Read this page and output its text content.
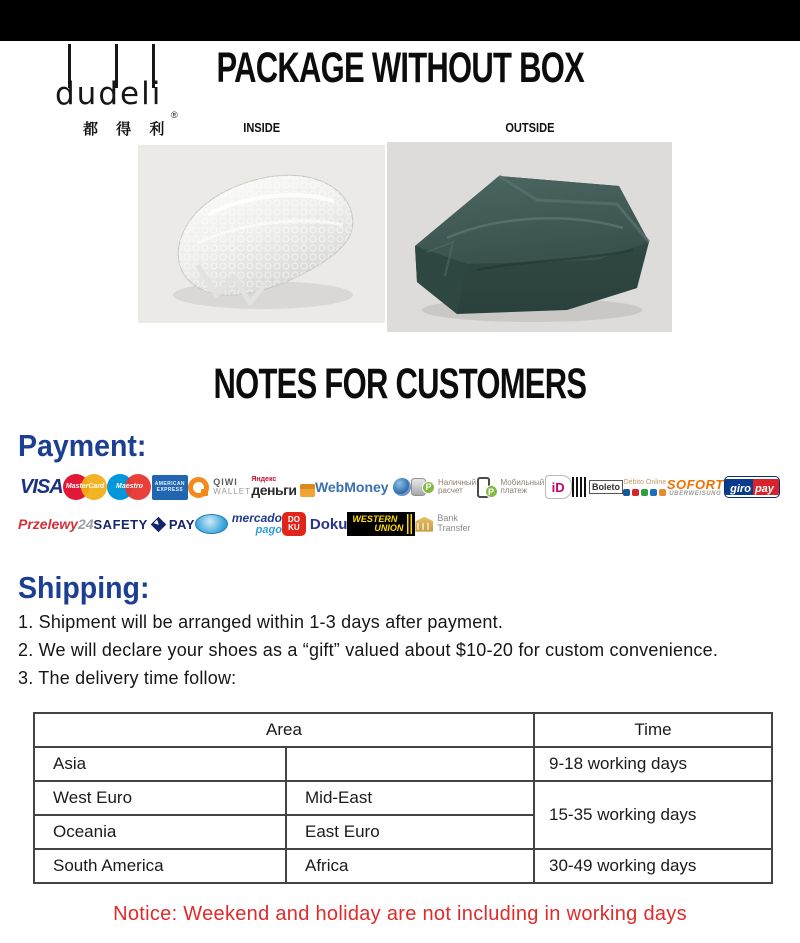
dudeli
®
都 得 利
PACKAGE WITHOUT BOX
INSIDE	OUTSIDE
NOTES FOR CUSTOMERS
Payment:
VISA MasterCard	Maestro	AMERICAN EXPRESS
QIWI
WALLET
Яндекс
деньги WebMoney	P Наличный
расчет	P
Мобильный
платеж	iD	Boleto Débito Online SOFORT
ÜBERWEISUNG giro pay
Przelewy 24 SAFETY PAY	mercado
pago
DO
KU Doku WESTERN
UNION
Bank
Transfer
Shipping:
1. Shipment will be arranged within 1-3 days after payment.
2. We will declare your shoes as a “gift” valued about $10-20 for custom convenience.
3. The delivery time follow:
Area		Time
Asia		9-18 working days
West Euro	Mid-East	15-35 working days
Oceania	East Euro	
South America	Africa	30-49 working days
Notice: Weekend and holiday are not including in working days
